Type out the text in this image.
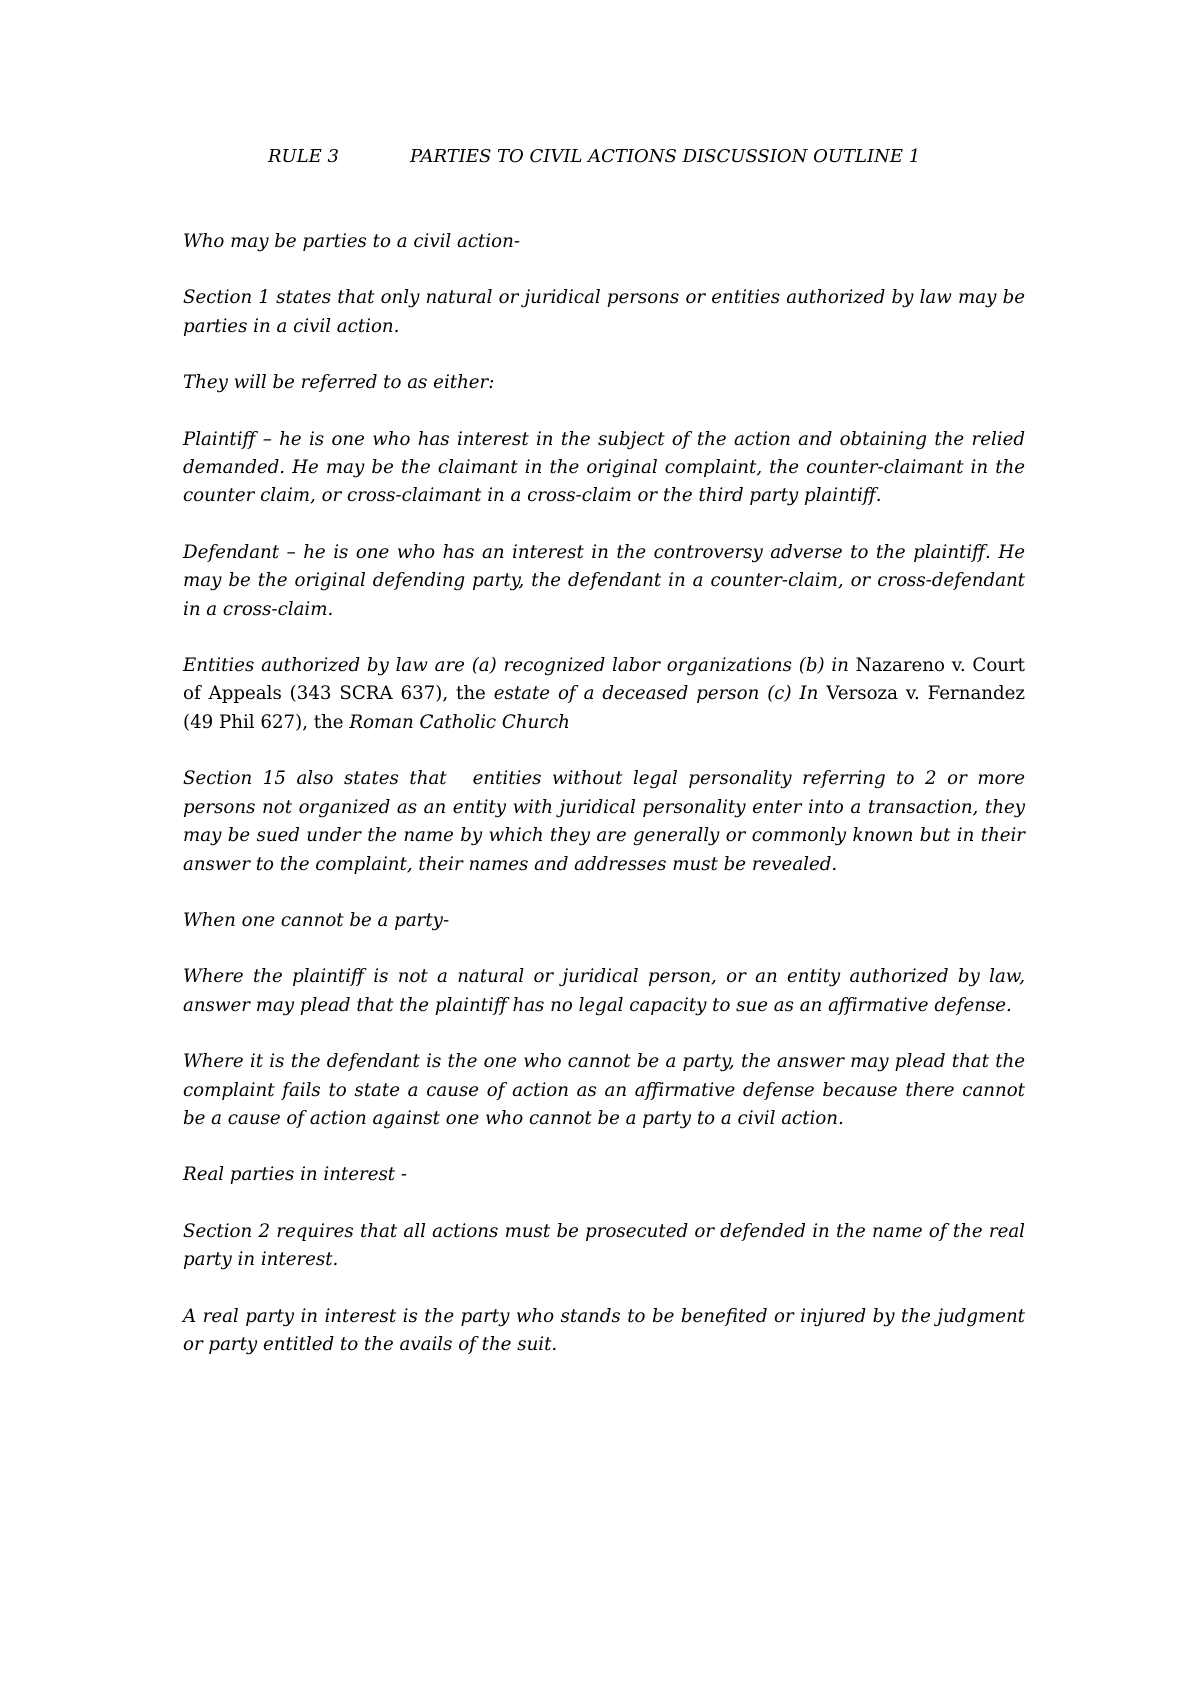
RULE 3	PARTIES TO CIVIL ACTIONS DISCUSSION OUTLINE 1

Who may be parties to a civil action-

Section 1 states that only natural or juridical persons or entities authorized by law may be parties in a civil action.

They will be referred to as either:

Plaintiff – he is one who has interest in the subject of the action and obtaining the relied demanded. He may be the claimant in the original complaint, the counter-claimant in the counter claim, or cross-claimant in a cross-claim or the third party plaintiff.

Defendant – he is one who has an interest in the controversy adverse to the plaintiff. He may be the original defending party, the defendant in a counter-claim, or cross-defendant in a cross-claim.

Entities authorized by law are (a) recognized labor organizations (b) in Nazareno v. Court of Appeals (343 SCRA 637), the estate of a deceased person (c) In Versoza v. Fernandez (49 Phil 627), the Roman Catholic Church

Section 15 also states that entities without legal personality referring to 2 or more persons not organized as an entity with juridical personality enter into a transaction, they may be sued under the name by which they are generally or commonly known but in their answer to the complaint, their names and addresses must be revealed.

When one cannot be a party-

Where the plaintiff is not a natural or juridical person, or an entity authorized by law, answer may plead that the plaintiff has no legal capacity to sue as an affirmative defense.

Where it is the defendant is the one who cannot be a party, the answer may plead that the complaint fails to state a cause of action as an affirmative defense because there cannot be a cause of action against one who cannot be a party to a civil action.

Real parties in interest -

Section 2 requires that all actions must be prosecuted or defended in the name of the real party in interest.

A real party in interest is the party who stands to be benefited or injured by the judgment or party entitled to the avails of the suit.
